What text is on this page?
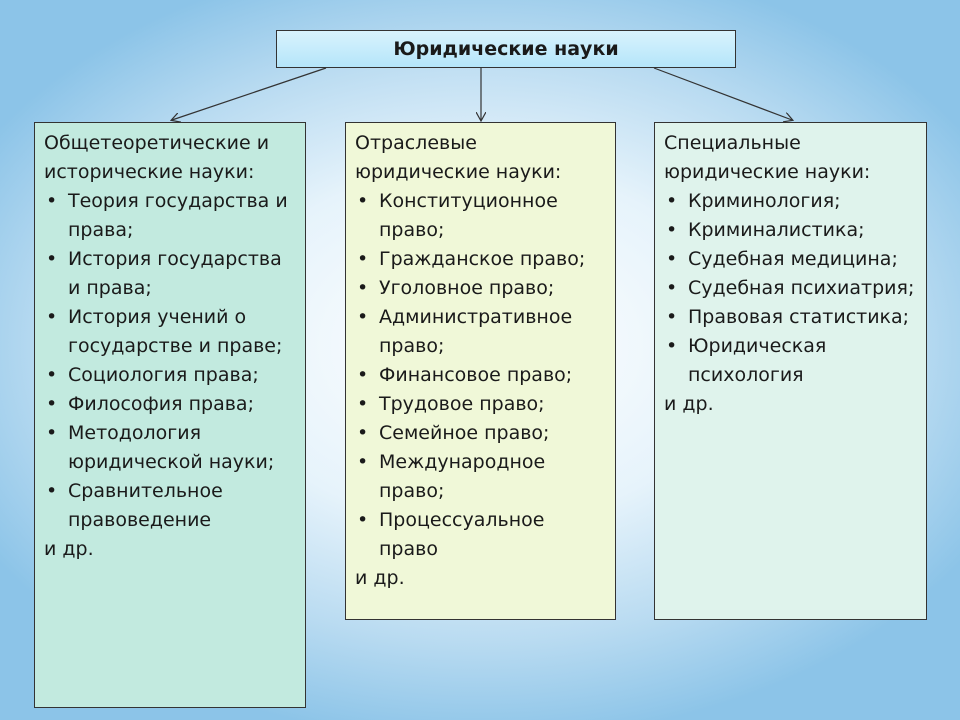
Юридические науки
Общетеоретические и исторические науки:
• Теория государства и права;
• История государства и права;
• История учений о государстве и праве;
• Социология права;
• Философия права;
• Методология юридической науки;
• Сравнительное правоведение
и др.
Отраслевые юридические науки:
• Конституционное право;
• Гражданское право;
• Уголовное право;
• Административное право;
• Финансовое право;
• Трудовое право;
• Семейное право;
• Международное право;
• Процессуальное право
и др.
Специальные юридические науки:
• Криминология;
• Криминалистика;
• Судебная медицина;
• Судебная психиатрия;
• Правовая статистика;
• Юридическая психология
и др.
